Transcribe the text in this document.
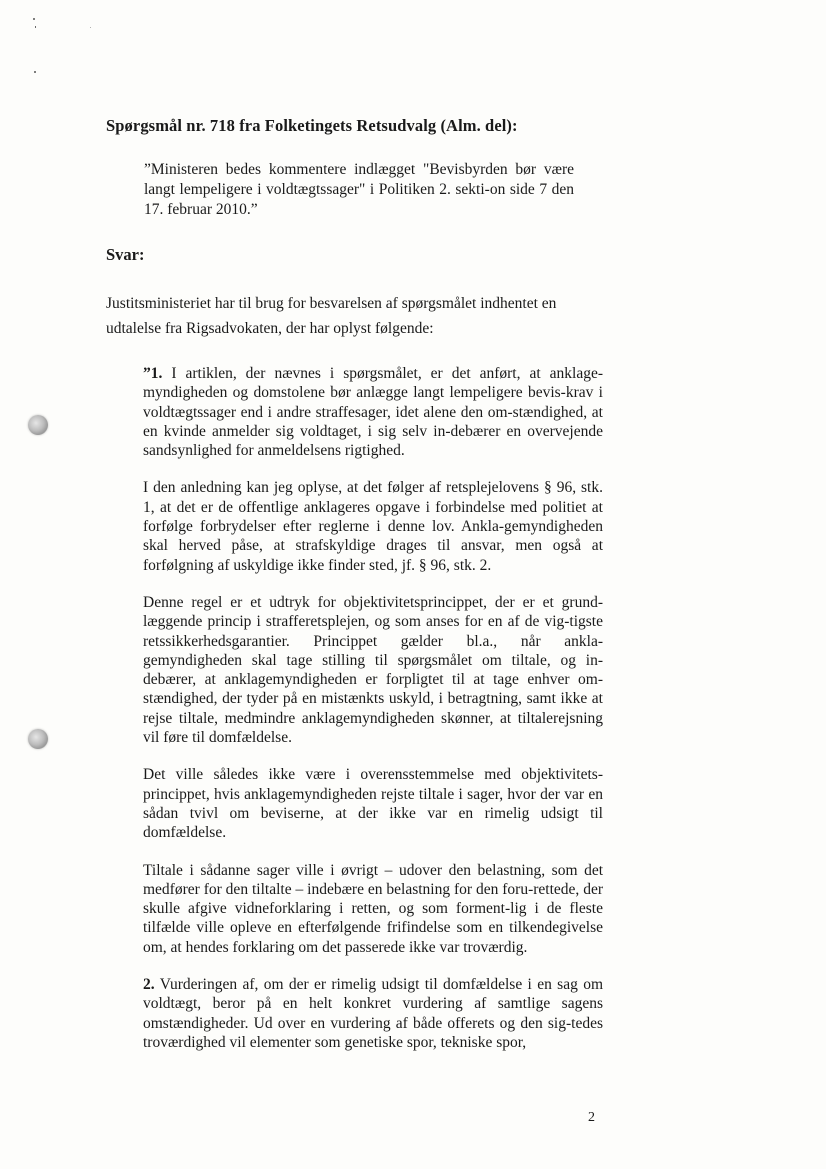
Spørgsmål nr. 718 fra Folketingets Retsudvalg (Alm. del):
”Ministeren bedes kommentere indlægget "Bevisbyrden bør være langt lempeligere i voldtægtssager" i Politiken 2. sekti-on side 7 den 17. februar 2010.”
Svar:
Justitsministeriet har til brug for besvarelsen af spørgsmålet indhentet en udtalelse fra Rigsadvokaten, der har oplyst følgende:

”1. I artiklen, der nævnes i spørgsmålet, er det anført, at anklage-myndigheden og domstolene bør anlægge langt lempeligere bevis-krav i voldtægtssager end i andre straffesager, idet alene den om-stændighed, at en kvinde anmelder sig voldtaget, i sig selv in-debærer en overvejende sandsynlighed for anmeldelsens rigtighed.

I den anledning kan jeg oplyse, at det følger af retsplejelovens § 96, stk. 1, at det er de offentlige anklageres opgave i forbindelse med politiet at forfølge forbrydelser efter reglerne i denne lov. Ankla-gemyndigheden skal herved påse, at strafskyldige drages til ansvar, men også at forfølgning af uskyldige ikke finder sted, jf. § 96, stk. 2.

Denne regel er et udtryk for objektivitetsprincippet, der er et grund-læggende princip i strafferetsplejen, og som anses for en af de vig-tigste retssikkerhedsgarantier. Princippet gælder bl.a., når ankla-gemyndigheden skal tage stilling til spørgsmålet om tiltale, og in-debærer, at anklagemyndigheden er forpligtet til at tage enhver om-stændighed, der tyder på en mistænkts uskyld, i betragtning, samt ikke at rejse tiltale, medmindre anklagemyndigheden skønner, at tiltalerejsning vil føre til domfældelse.

Det ville således ikke være i overensstemmelse med objektivitets-princippet, hvis anklagemyndigheden rejste tiltale i sager, hvor der var en sådan tvivl om beviserne, at der ikke var en rimelig udsigt til domfældelse.

Tiltale i sådanne sager ville i øvrigt – udover den belastning, som det medfører for den tiltalte – indebære en belastning for den foru-rettede, der skulle afgive vidneforklaring i retten, og som forment-lig i de fleste tilfælde ville opleve en efterfølgende frifindelse som en tilkendegivelse om, at hendes forklaring om det passerede ikke var troværdig.

2. Vurderingen af, om der er rimelig udsigt til domfældelse i en sag om voldtægt, beror på en helt konkret vurdering af samtlige sagens omstændigheder. Ud over en vurdering af både offerets og den sig-tedes troværdighed vil elementer som genetiske spor, tekniske spor,

2
